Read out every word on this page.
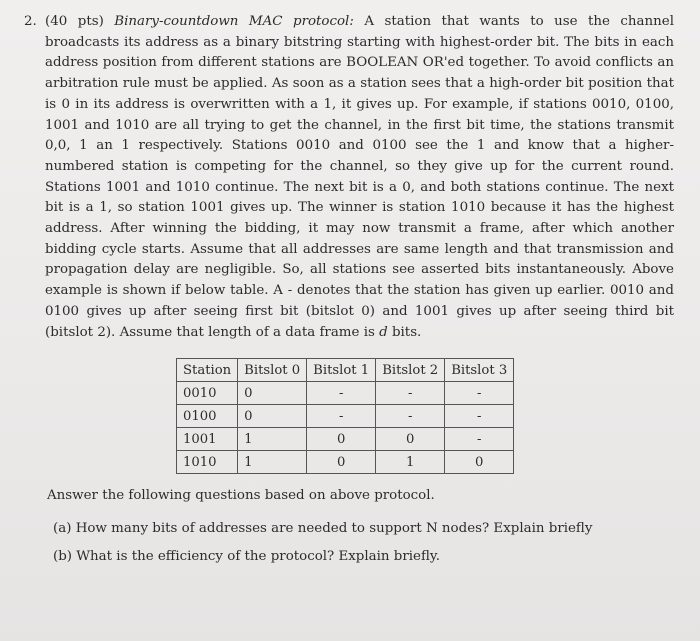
2. (40 pts) Binary-countdown MAC protocol: A station that wants to use the channel broadcasts its address as a binary bitstring starting with highest-order bit. The bits in each address position from different stations are BOOLEAN OR'ed together. To avoid conflicts an arbitration rule must be applied. As soon as a station sees that a high-order bit position that is 0 in its address is overwritten with a 1, it gives up. For example, if stations 0010, 0100, 1001 and 1010 are all trying to get the channel, in the first bit time, the stations transmit 0,0, 1 an 1 respectively. Stations 0010 and 0100 see the 1 and know that a higher-numbered station is competing for the channel, so they give up for the current round. Stations 1001 and 1010 continue. The next bit is a 0, and both stations continue. The next bit is a 1, so station 1001 gives up. The winner is station 1010 because it has the highest address. After winning the bidding, it may now transmit a frame, after which another bidding cycle starts. Assume that all addresses are same length and that transmission and propagation delay are negligible. So, all stations see asserted bits instantaneously. Above example is shown if below table. A - denotes that the station has given up earlier. 0010 and 0100 gives up after seeing first bit (bitslot 0) and 1001 gives up after seeing third bit (bitslot 2). Assume that length of a data frame is d bits.
Station	Bitslot 0	Bitslot 1	Bitslot 2	Bitslot 3
0010	0	-	-	-
0100	0	-	-	-
1001	1	0	0	-
1010	1	0	1	0
Answer the following questions based on above protocol.
(a) How many bits of addresses are needed to support N nodes? Explain briefly
(b) What is the efficiency of the protocol? Explain briefly.
